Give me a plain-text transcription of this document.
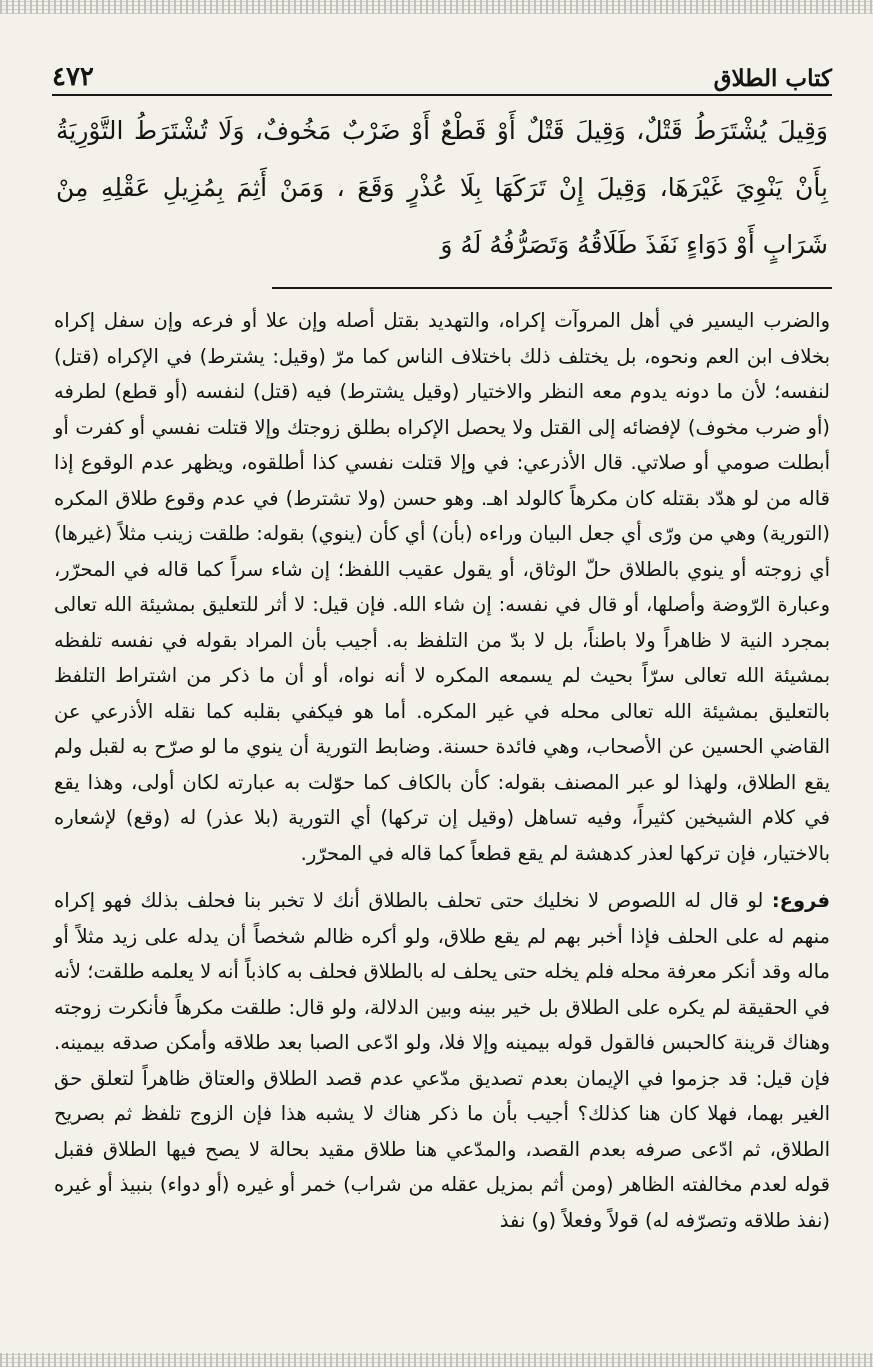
٤٧٢	كتاب الطلاق
وَقِيلَ يُشْتَرَطُ قَتْلٌ، وَقِيلَ قَتْلٌ أَوْ قَطْعٌ أَوْ ضَرْبٌ مَخُوفٌ، وَلَا تُشْتَرَطُ التَّوْرِيَةُ بِأَنْ يَنْوِيَ غَيْرَهَا، وَقِيلَ إِنْ تَرَكَهَا بِلَا عُذْرٍ وَقَعَ ، وَمَنْ أَثِمَ بِمُزِيلِ عَقْلِهِ مِنْ شَرَابٍ أَوْ دَوَاءٍ نَفَذَ طَلَاقُهُ وَتَصَرُّفُهُ لَهُ وَ

والضرب اليسير في أهل المروآت إكراه، والتهديد بقتل أصله وإن علا أو فرعه وإن سفل إكراه بخلاف ابن العم ونحوه، بل يختلف ذلك باختلاف الناس كما مرّ (وقيل: يشترط) في الإكراه (قتل) لنفسه؛ لأن ما دونه يدوم معه النظر والاختيار (وقيل يشترط) فيه (قتل) لنفسه (أو قطع) لطرفه (أو ضرب مخوف) لإفضائه إلى القتل ولا يحصل الإكراه بطلق زوجتك وإلا قتلت نفسي أو كفرت أو أبطلت صومي أو صلاتي. قال الأذرعي: في وإلا قتلت نفسي كذا أطلقوه، ويظهر عدم الوقوع إذا قاله من لو هدّد بقتله كان مكرهاً كالولد اهـ. وهو حسن (ولا تشترط) في عدم وقوع طلاق المكره (التورية) وهي من ورّى أي جعل البيان وراءه (بأن) أي كأن (ينوي) بقوله: طلقت زينب مثلاً (غيرها) أي زوجته أو ينوي بالطلاق حلّ الوثاق، أو يقول عقيب اللفظ؛ إن شاء سراً كما قاله في المحرّر، وعبارة الرّوضة وأصلها، أو قال في نفسه: إن شاء الله. فإن قيل: لا أثر للتعليق بمشيئة الله تعالى بمجرد النية لا ظاهراً ولا باطناً، بل لا بدّ من التلفظ به. أجيب بأن المراد بقوله في نفسه تلفظه بمشيئة الله تعالى سرّاً بحيث لم يسمعه المكره لا أنه نواه، أو أن ما ذكر من اشتراط التلفظ بالتعليق بمشيئة الله تعالى محله في غير المكره. أما هو فيكفي بقلبه كما نقله الأذرعي عن القاضي الحسين عن الأصحاب، وهي فائدة حسنة. وضابط التورية أن ينوي ما لو صرّح به لقبل ولم يقع الطلاق، ولهذا لو عبر المصنف بقوله: كأن بالكاف كما حوّلت به عبارته لكان أولى، وهذا يقع في كلام الشيخين كثيراً، وفيه تساهل (وقيل إن تركها) أي التورية (بلا عذر) له (وقع) لإشعاره بالاختيار، فإن تركها لعذر كدهشة لم يقع قطعاً كما قاله في المحرّر.

فروع: لو قال له اللصوص لا نخليك حتى تحلف بالطلاق أنك لا تخبر بنا فحلف بذلك فهو إكراه منهم له على الحلف فإذا أخبر بهم لم يقع طلاق، ولو أكره ظالم شخصاً أن يدله على زيد مثلاً أو ماله وقد أنكر معرفة محله فلم يخله حتى يحلف له بالطلاق فحلف به كاذباً أنه لا يعلمه طلقت؛ لأنه في الحقيقة لم يكره على الطلاق بل خير بينه وبين الدلالة، ولو قال: طلقت مكرهاً فأنكرت زوجته وهناك قرينة كالحبس فالقول قوله بيمينه وإلا فلا، ولو ادّعى الصبا بعد طلاقه وأمكن صدقه بيمينه. فإن قيل: قد جزموا في الإيمان بعدم تصديق مدّعي عدم قصد الطلاق والعتاق ظاهراً لتعلق حق الغير بهما، فهلا كان هنا كذلك؟ أجيب بأن ما ذكر هناك لا يشبه هذا فإن الزوج تلفظ ثم بصريح الطلاق، ثم ادّعى صرفه بعدم القصد، والمدّعي هنا طلاق مقيد بحالة لا يصح فيها الطلاق فقبل قوله لعدم مخالفته الظاهر (ومن أثم بمزيل عقله من شراب) خمر أو غيره (أو دواء) بنبيذ أو غيره (نفذ طلاقه وتصرّفه له) قولاً وفعلاً (و) نفذ
